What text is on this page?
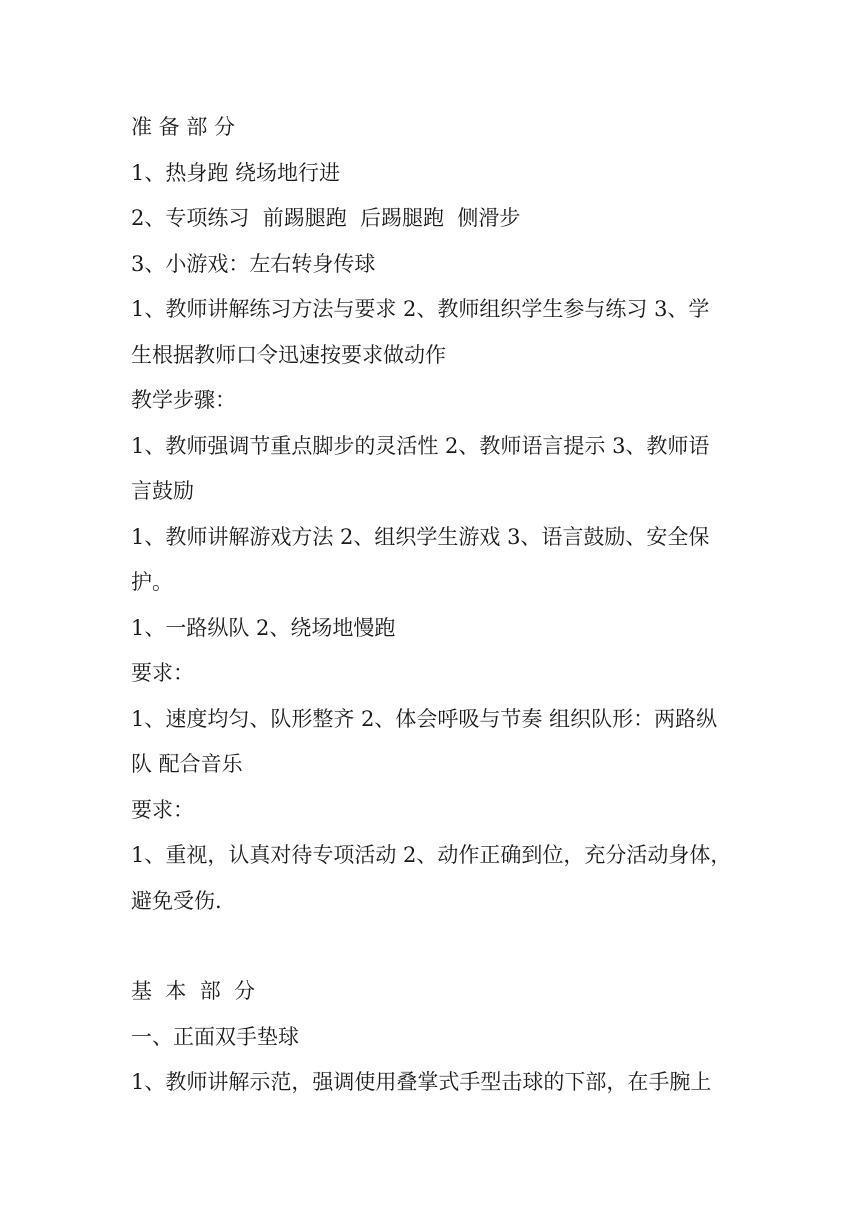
准 备 部 分
1、热身跑 绕场地行进
2、专项练习  前踢腿跑  后踢腿跑  侧滑步
3、小游戏：左右转身传球
1、教师讲解练习方法与要求 2、教师组织学生参与练习 3、学
生根据教师口令迅速按要求做动作
教学步骤：
1、教师强调节重点脚步的灵活性 2、教师语言提示 3、教师语
言鼓励
1、教师讲解游戏方法 2、组织学生游戏 3、语言鼓励、安全保
护。
1、一路纵队 2、绕场地慢跑
要求：
1、速度均匀、队形整齐 2、体会呼吸与节奏 组织队形：两路纵
队 配合音乐
要求：
1、重视，认真对待专项活动 2、动作正确到位，充分活动身体，
避免受伤.
基  本  部  分
一、正面双手垫球
1、教师讲解示范，强调使用叠掌式手型击球的下部，在手腕上
